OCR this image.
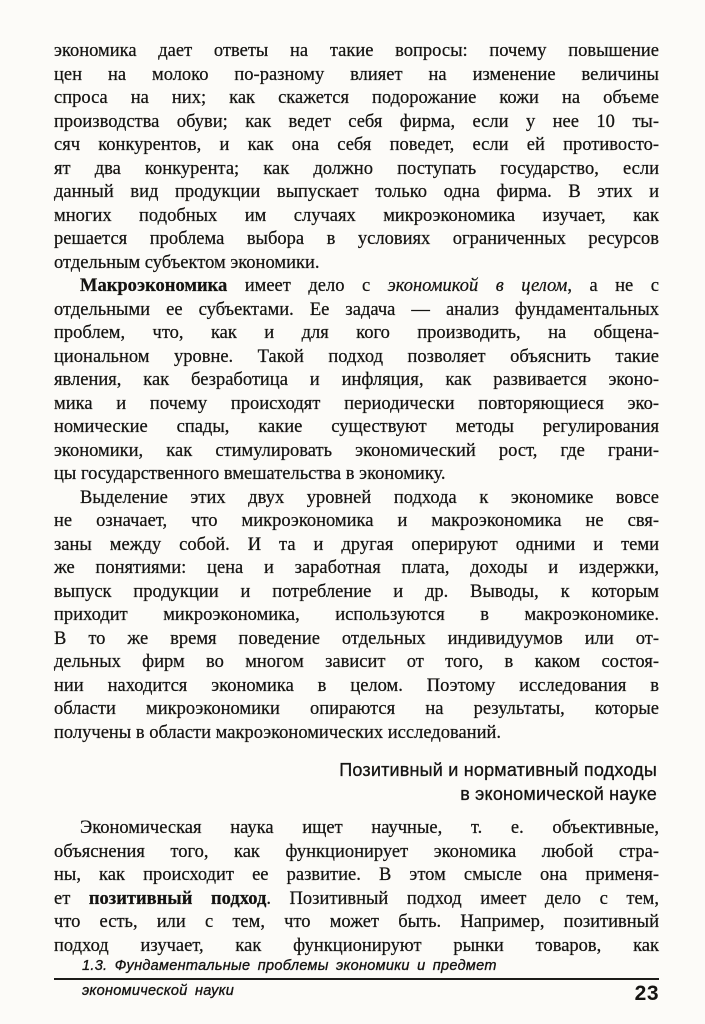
экономика дает ответы на такие вопросы: почему повышение
цен на молоко по-разному влияет на изменение величины
спроса на них; как скажется подорожание кожи на объеме
производства обуви; как ведет себя фирма, если у нее 10 ты-
сяч конкурентов, и как она себя поведет, если ей противосто-
ят два конкурента; как должно поступать государство, если
данный вид продукции выпускает только одна фирма. В этих и
многих подобных им случаях микроэкономика изучает, как
решается проблема выбора в условиях ограниченных ресурсов
отдельным субъектом экономики.
Макроэкономика имеет дело с экономикой в целом, а не с
отдельными ее субъектами. Ее задача — анализ фундаментальных
проблем, что, как и для кого производить, на общена-
циональном уровне. Такой подход позволяет объяснить такие
явления, как безработица и инфляция, как развивается эконо-
мика и почему происходят периодически повторяющиеся эко-
номические спады, какие существуют методы регулирования
экономики, как стимулировать экономический рост, где грани-
цы государственного вмешательства в экономику.
Выделение этих двух уровней подхода к экономике вовсе
не означает, что микроэкономика и макроэкономика не свя-
заны между собой. И та и другая оперируют одними и теми
же понятиями: цена и заработная плата, доходы и издержки,
выпуск продукции и потребление и др. Выводы, к которым
приходит микроэкономика, используются в макроэкономике.
В то же время поведение отдельных индивидуумов или от-
дельных фирм во многом зависит от того, в каком состоя-
нии находится экономика в целом. Поэтому исследования в
области микроэкономики опираются на результаты, которые
получены в области макроэкономических исследований.
Позитивный и нормативный подходы
в экономической науке
Экономическая наука ищет научные, т. е. объективные,
объяснения того, как функционирует экономика любой стра-
ны, как происходит ее развитие. В этом смысле она применя-
ет позитивный подход. Позитивный подход имеет дело с тем,
что есть, или с тем, что может быть. Например, позитивный
подход изучает, как функционируют рынки товаров, как
1.3. Фундаментальные проблемы экономики и предмет
экономической науки	23
